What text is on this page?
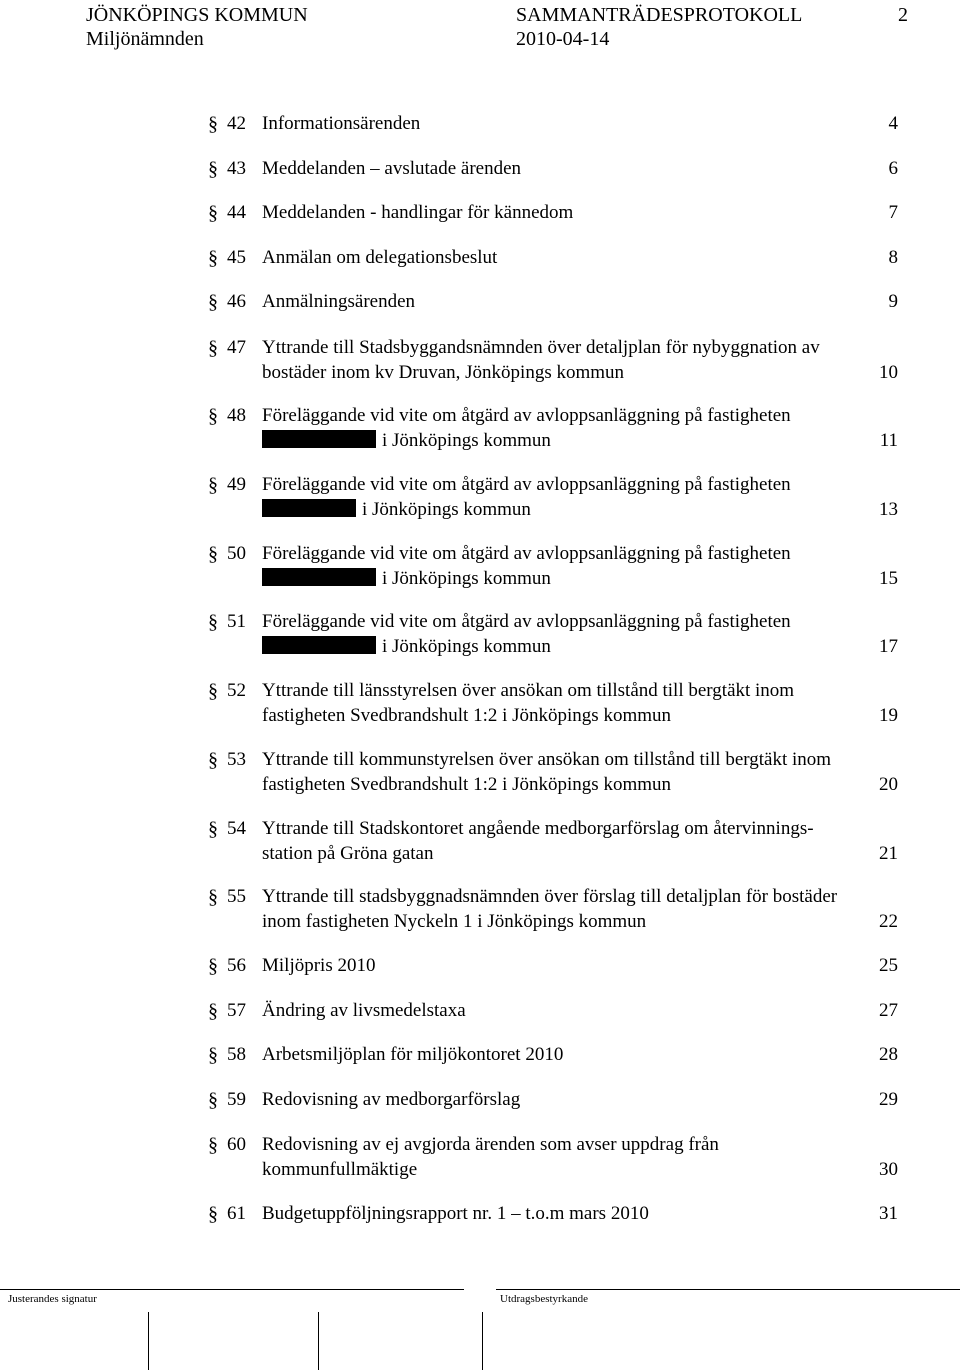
JÖNKÖPINGS KOMMUN
Miljönämnden
SAMMANTRÄDESPROTOKOLL
2010-04-14
2
§ 42 Informationsärenden	4
§ 43 Meddelanden – avslutade ärenden	6
§ 44 Meddelanden - handlingar för kännedom	7
§ 45 Anmälan om delegationsbeslut	8
§ 46 Anmälningsärenden	9
§ 47 Yttrande till Stadsbyggandsnämnden över detaljplan för nybyggnation av
bostäder inom kv Druvan, Jönköpings kommun	10
§ 48 Föreläggande vid vite om åtgärd av avloppsanläggning på fastigheten
i Jönköpings kommun	11
§ 49 Föreläggande vid vite om åtgärd av avloppsanläggning på fastigheten
i Jönköpings kommun	13
§ 50 Föreläggande vid vite om åtgärd av avloppsanläggning på fastigheten
i Jönköpings kommun	15
§ 51 Föreläggande vid vite om åtgärd av avloppsanläggning på fastigheten
i Jönköpings kommun	17
§ 52 Yttrande till länsstyrelsen över ansökan om tillstånd till bergtäkt inom
fastigheten Svedbrandshult 1:2 i Jönköpings kommun	19
§ 53 Yttrande till kommunstyrelsen över ansökan om tillstånd till bergtäkt inom
fastigheten Svedbrandshult 1:2 i Jönköpings kommun	20
§ 54 Yttrande till Stadskontoret angående medborgarförslag om återvinnings-
station på Gröna gatan	21
§ 55 Yttrande till stadsbyggnadsnämnden över förslag till detaljplan för bostäder
inom fastigheten Nyckeln 1 i Jönköpings kommun	22
§ 56 Miljöpris 2010	25
§ 57 Ändring av livsmedelstaxa	27
§ 58 Arbetsmiljöplan för miljökontoret 2010	28
§ 59 Redovisning av medborgarförslag	29
§ 60 Redovisning av ej avgjorda ärenden som avser uppdrag från
kommunfullmäktige	30
§ 61 Budgetuppföljningsrapport nr. 1 – t.o.m mars 2010	31
Justerandes signatur	Utdragsbestyrkande
